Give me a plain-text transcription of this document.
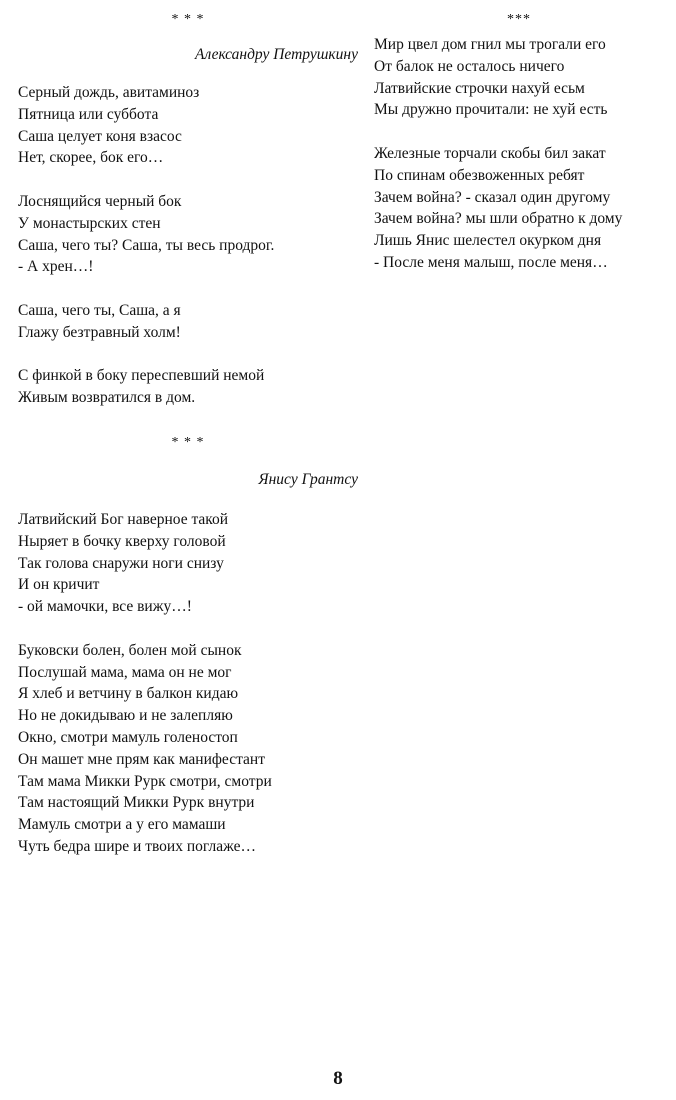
* * *
Александру Петрушкину
Серный дождь, авитаминоз
Пятница или суббота
Саша целует коня взасос
Нет, скорее, бок его…
Лоснящийся черный бок
У монастырских стен
Саша, чего ты? Саша, ты весь продрог.
- А хрен…!
Саша, чего ты, Саша, а я
Глажу безтравный холм!
С финкой в боку переспевший немой
Живым возвратился в дом.
* * *
Янису Грантсу
Латвийский Бог наверное такой
Ныряет в бочку кверху головой
Так голова снаружи ноги снизу
И он кричит
- ой мамочки, все вижу…!
Буковски болен, болен мой сынок
Послушай мама, мама он не мог
Я хлеб и ветчину в балкон кидаю
Но не докидываю и не залепляю
Окно, смотри мамуль голеностоп
Он машет мне прям как манифестант
Там мама Микки Рурк смотри, смотри
Там настоящий Микки Рурк внутри
Мамуль смотри а у его мамаши
Чуть бедра шире и твоих поглаже…
***
Мир цвел дом гнил мы трогали его
От балок не осталось ничего
Латвийские строчки нахуй есьм
Мы дружно прочитали: не хуй есть
Железные торчали скобы бил закат
По спинам обезвоженных ребят
Зачем война? - сказал один другому
Зачем война? мы шли обратно к дому
Лишь Янис шелестел окурком дня
- После меня малыш, после меня…
8
